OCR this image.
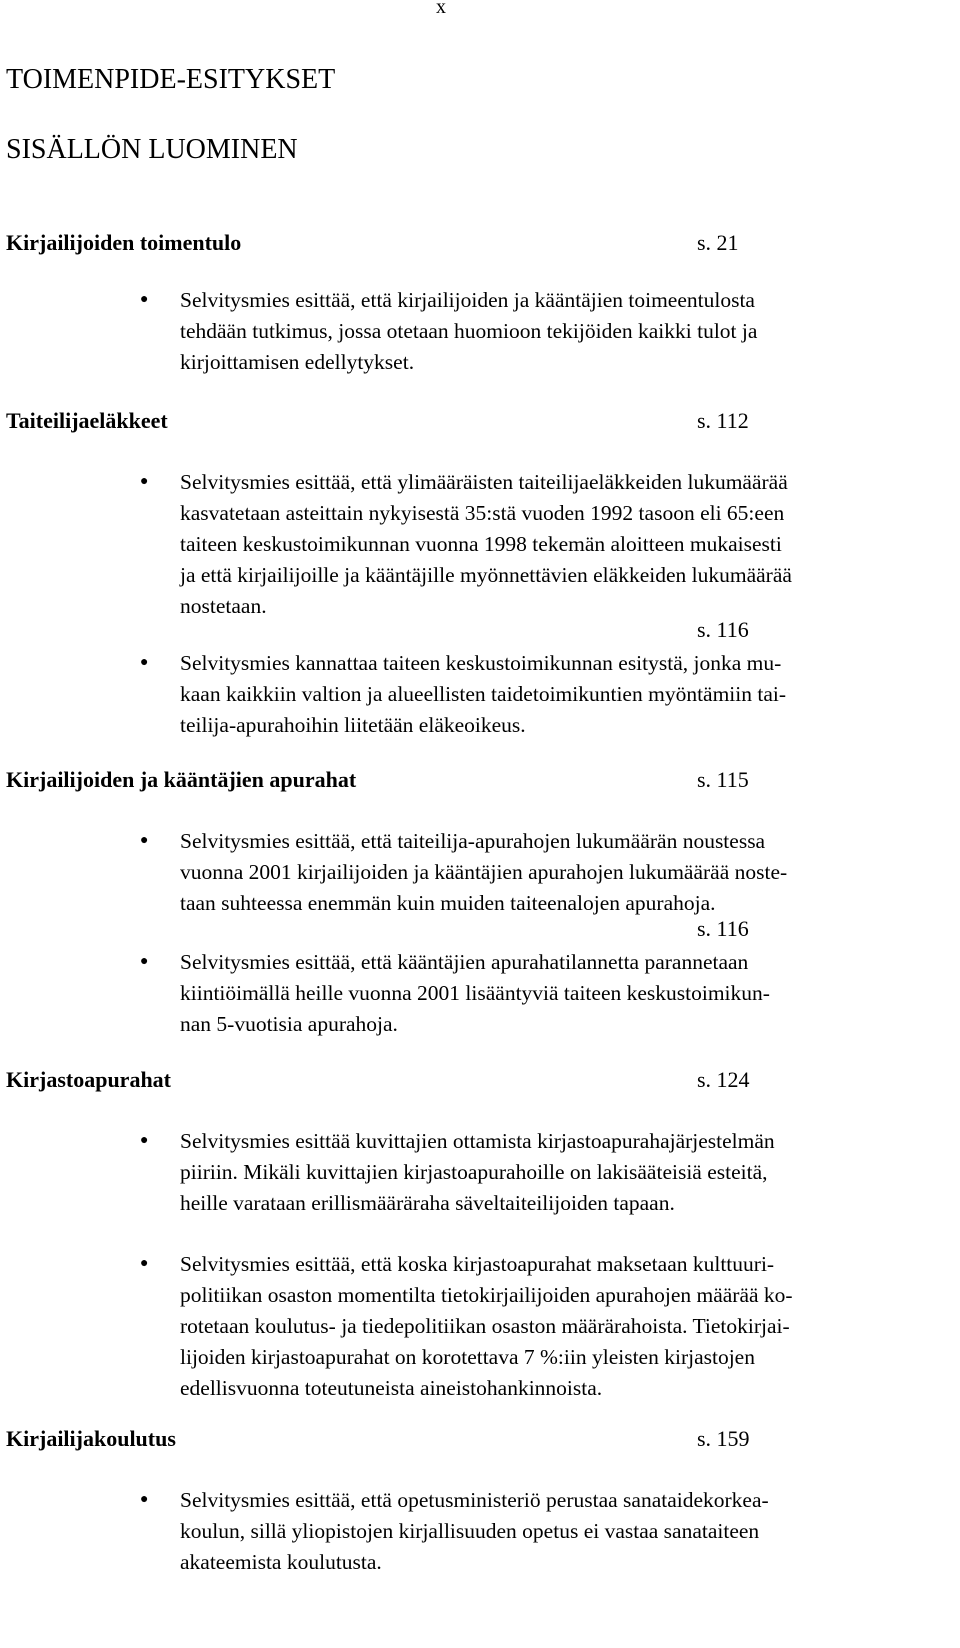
x
TOIMENPIDE-ESITYKSET
SISÄLLÖN LUOMINEN
Kirjailijoiden toimentulo	s. 21
● Selvitysmies esittää, että kirjailijoiden ja kääntäjien toimeentulosta
tehdään tutkimus, jossa otetaan huomioon tekijöiden kaikki tulot ja
kirjoittamisen edellytykset.
Taiteilijaeläkkeet	s. 112
● Selvitysmies esittää, että ylimääräisten taiteilijaeläkkeiden lukumäärää
kasvatetaan asteittain nykyisestä 35:stä vuoden 1992 tasoon eli 65:een
taiteen keskustoimikunnan vuonna 1998 tekemän aloitteen mukaisesti
ja että kirjailijoille ja kääntäjille myönnettävien eläkkeiden lukumäärää
nostetaan.
s. 116
● Selvitysmies kannattaa taiteen keskustoimikunnan esitystä, jonka mu-
kaan kaikkiin valtion ja alueellisten taidetoimikuntien myöntämiin tai-
teilija-apurahoihin liitetään eläkeoikeus.
Kirjailijoiden ja kääntäjien apurahat	s. 115
● Selvitysmies esittää, että taiteilija-apurahojen lukumäärän noustessa
vuonna 2001 kirjailijoiden ja kääntäjien apurahojen lukumäärää noste-
taan suhteessa enemmän kuin muiden taiteenalojen apurahoja.
s. 116
● Selvitysmies esittää, että kääntäjien apurahatilannetta parannetaan
kiintiöimällä heille vuonna 2001 lisääntyviä taiteen keskustoimikun-
nan 5-vuotisia apurahoja.
Kirjastoapurahat	s. 124
● Selvitysmies esittää kuvittajien ottamista kirjastoapurahajärjestelmän
piiriin. Mikäli kuvittajien kirjastoapurahoille on lakisääteisiä esteitä,
heille varataan erillismääräraha säveltaiteilijoiden tapaan.
● Selvitysmies esittää, että koska kirjastoapurahat maksetaan kulttuuri-
politiikan osaston momentilta tietokirjailijoiden apurahojen määrää ko-
rotetaan koulutus- ja tiedepolitiikan osaston määrärahoista. Tietokirjai-
lijoiden kirjastoapurahat on korotettava 7 %:iin yleisten kirjastojen
edellisvuonna toteutuneista aineistohankinnoista.
Kirjailijakoulutus	s. 159
● Selvitysmies esittää, että opetusministeriö perustaa sanataidekorkea-
koulun, sillä yliopistojen kirjallisuuden opetus ei vastaa sanataiteen
akateemista koulutusta.
